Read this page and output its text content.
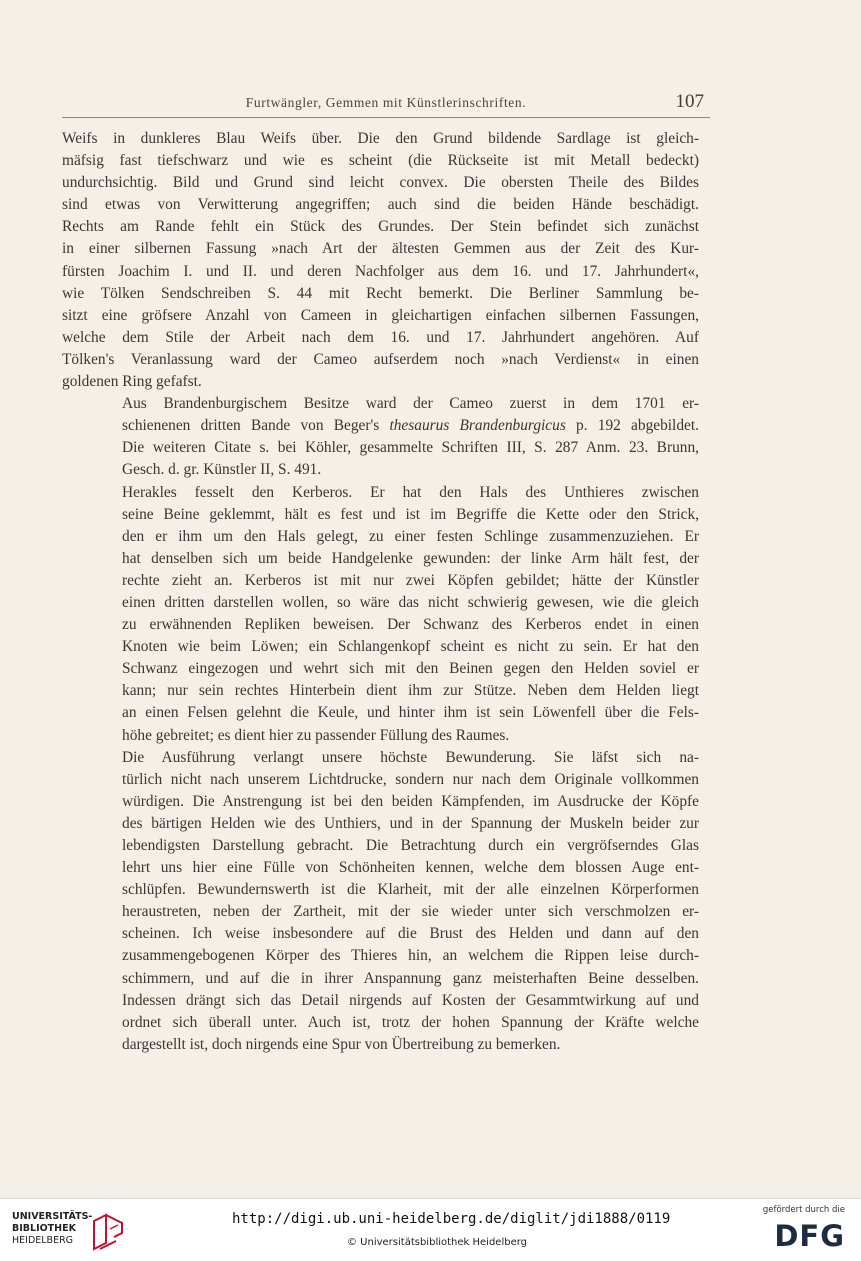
Furtwängler, Gemmen mit Künstlerinschriften.	107

Weifs in dunkleres Blau Weifs über. Die den Grund bildende Sardlage ist gleich-
mäfsig fast tiefschwarz und wie es scheint (die Rückseite ist mit Metall bedeckt)
undurchsichtig. Bild und Grund sind leicht convex. Die obersten Theile des Bildes
sind etwas von Verwitterung angegriffen; auch sind die beiden Hände beschädigt.
Rechts am Rande fehlt ein Stück des Grundes. Der Stein befindet sich zunächst
in einer silbernen Fassung »nach Art der ältesten Gemmen aus der Zeit des Kur-
fürsten Joachim I. und II. und deren Nachfolger aus dem 16. und 17. Jahrhundert«,
wie Tölken Sendschreiben S. 44 mit Recht bemerkt. Die Berliner Sammlung be-
sitzt eine gröfsere Anzahl von Cameen in gleichartigen einfachen silbernen Fassungen,
welche dem Stile der Arbeit nach dem 16. und 17. Jahrhundert angehören. Auf
Tölken's Veranlassung ward der Cameo aufserdem noch »nach Verdienst« in einen
goldenen Ring gefafst.

Aus Brandenburgischem Besitze ward der Cameo zuerst in dem 1701 er-
schienenen dritten Bande von Beger's thesaurus Brandenburgicus p. 192 abgebildet.
Die weiteren Citate s. bei Köhler, gesammelte Schriften III, S. 287 Anm. 23. Brunn,
Gesch. d. gr. Künstler II, S. 491.

Herakles fesselt den Kerberos. Er hat den Hals des Unthieres zwischen
seine Beine geklemmt, hält es fest und ist im Begriffe die Kette oder den Strick,
den er ihm um den Hals gelegt, zu einer festen Schlinge zusammenzuziehen. Er
hat denselben sich um beide Handgelenke gewunden: der linke Arm hält fest, der
rechte zieht an. Kerberos ist mit nur zwei Köpfen gebildet; hätte der Künstler
einen dritten darstellen wollen, so wäre das nicht schwierig gewesen, wie die gleich
zu erwähnenden Repliken beweisen. Der Schwanz des Kerberos endet in einen
Knoten wie beim Löwen; ein Schlangenkopf scheint es nicht zu sein. Er hat den
Schwanz eingezogen und wehrt sich mit den Beinen gegen den Helden soviel er
kann; nur sein rechtes Hinterbein dient ihm zur Stütze. Neben dem Helden liegt
an einen Felsen gelehnt die Keule, und hinter ihm ist sein Löwenfell über die Fels-
höhe gebreitet; es dient hier zu passender Füllung des Raumes.

Die Ausführung verlangt unsere höchste Bewunderung. Sie läfst sich na-
türlich nicht nach unserem Lichtdrucke, sondern nur nach dem Originale vollkommen
würdigen. Die Anstrengung ist bei den beiden Kämpfenden, im Ausdrucke der Köpfe
des bärtigen Helden wie des Unthiers, und in der Spannung der Muskeln beider zur
lebendigsten Darstellung gebracht. Die Betrachtung durch ein vergröfserndes Glas
lehrt uns hier eine Fülle von Schönheiten kennen, welche dem blossen Auge ent-
schlüpfen. Bewundernswerth ist die Klarheit, mit der alle einzelnen Körperformen
heraustreten, neben der Zartheit, mit der sie wieder unter sich verschmolzen er-
scheinen. Ich weise insbesondere auf die Brust des Helden und dann auf den
zusammengebogenen Körper des Thieres hin, an welchem die Rippen leise durch-
schimmern, und auf die in ihrer Anspannung ganz meisterhaften Beine desselben.
Indessen drängt sich das Detail nirgends auf Kosten der Gesammtwirkung auf und
ordnet sich überall unter. Auch ist, trotz der hohen Spannung der Kräfte welche
dargestellt ist, doch nirgends eine Spur von Übertreibung zu bemerken.

UNIVERSITÄTS-
BIBLIOTHEK
HEIDELBERG
http://digi.ub.uni-heidelberg.de/diglit/jdi1888/0119
© Universitätsbibliothek Heidelberg
gefördert durch die
DFG
